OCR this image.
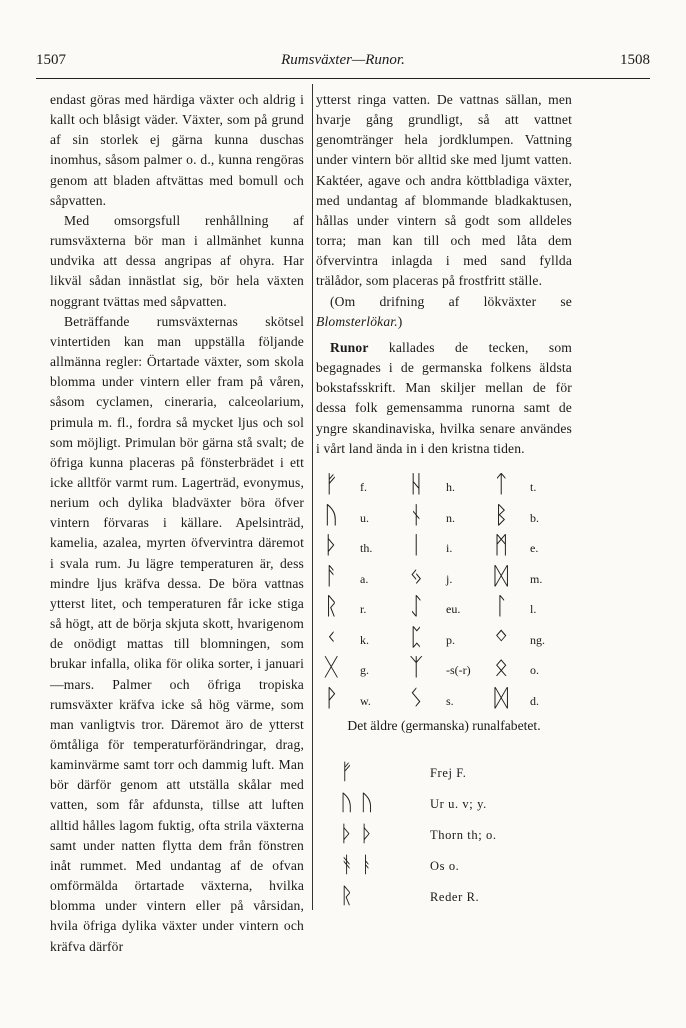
1507	Rumsväxter—Runor.	1508

endast göras med härdiga växter och aldrig i kallt och blåsigt väder. Växter, som på grund af sin storlek ej gärna kunna duschas inomhus, såsom palmer o. d., kunna rengöras genom att bladen aftvättas med bomull och såpvatten.

Med omsorgsfull renhållning af rumsväxterna bör man i allmänhet kunna undvika att dessa angripas af ohyra. Har likväl sådan innästlat sig, bör hela växten noggrant tvättas med såpvatten.

Beträffande rumsväxternas skötsel vintertiden kan man uppställa följande allmänna regler: Örtartade växter, som skola blomma under vintern eller fram på våren, såsom cyclamen, cineraria, calceolarium, primula m. fl., fordra så mycket ljus och sol som möjligt. Primulan bör gärna stå svalt; de öfriga kunna placeras på fönsterbrädet i ett icke alltför varmt rum. Lagerträd, evonymus, nerium och dylika bladväxter böra öfver vintern förvaras i källare. Apelsinträd, kamelia, azalea, myrten öfvervintra däremot i svala rum. Ju lägre temperaturen är, dess mindre ljus kräfva dessa. De böra vattnas ytterst litet, och temperaturen får icke stiga så högt, att de börja skjuta skott, hvarigenom de onödigt mattas till blomningen, som brukar infalla, olika för olika sorter, i januari—mars. Palmer och öfriga tropiska rumsväxter kräfva icke så hög värme, som man vanligtvis tror. Däremot äro de ytterst ömtåliga för temperaturförändringar, drag, kaminvärme samt torr och dammig luft. Man bör därför genom att utställa skålar med vatten, som får afdunsta, tillse att luften alltid hålles lagom fuktig, ofta strila växterna samt under natten flytta dem från fönstren inåt rummet. Med undantag af de ofvan omförmälda örtartade växterna, hvilka blomma under vintern eller på vårsidan, hvila öfriga dylika växter under vintern och kräfva därför

ytterst ringa vatten. De vattnas sällan, men hvarje gång grundligt, så att vattnet genomtränger hela jordklumpen. Vattning under vintern bör alltid ske med ljumt vatten. Kaktéer, agave och andra köttbladiga växter, med undantag af blommande bladkaktusen, hållas under vintern så godt som alldeles torra; man kan till och med låta dem öfvervintra inlagda i med sand fyllda trälådor, som placeras på frostfritt ställe.

(Om drifning af lökväxter se Blomsterlökar.)

Runor kallades de tecken, som begagnades i de germanska folkens äldsta bokstafsskrift. Man skiljer mellan de för dessa folk gemensamma runorna samt de yngre skandinaviska, hvilka senare användes i vårt land ända in i den kristna tiden.

ᚠ f. ᚺ h. ᛏ t.
ᚢ u. ᚾ n. ᛒ b.
ᚦ th. ᛁ i. ᛗ e.
ᚨ a. ᛃ j. ᛞ m.
ᚱ r. ᛇ eu. ᛚ l.
ᚲ k. ᛈ p. ᛜ ng.
ᚷ g. ᛉ -s(-r) ᛟ o.
ᚹ w. ᛊ s. ᛞ d.
Det äldre (germanska) runalfabetet.
ᚠ	Frej F.
ᚢ ᚢ	Ur u. v; y.
ᚦ ᚦ	Thorn th; o.
ᚬ ᚭ	Os o.
ᚱ	Reder R.
